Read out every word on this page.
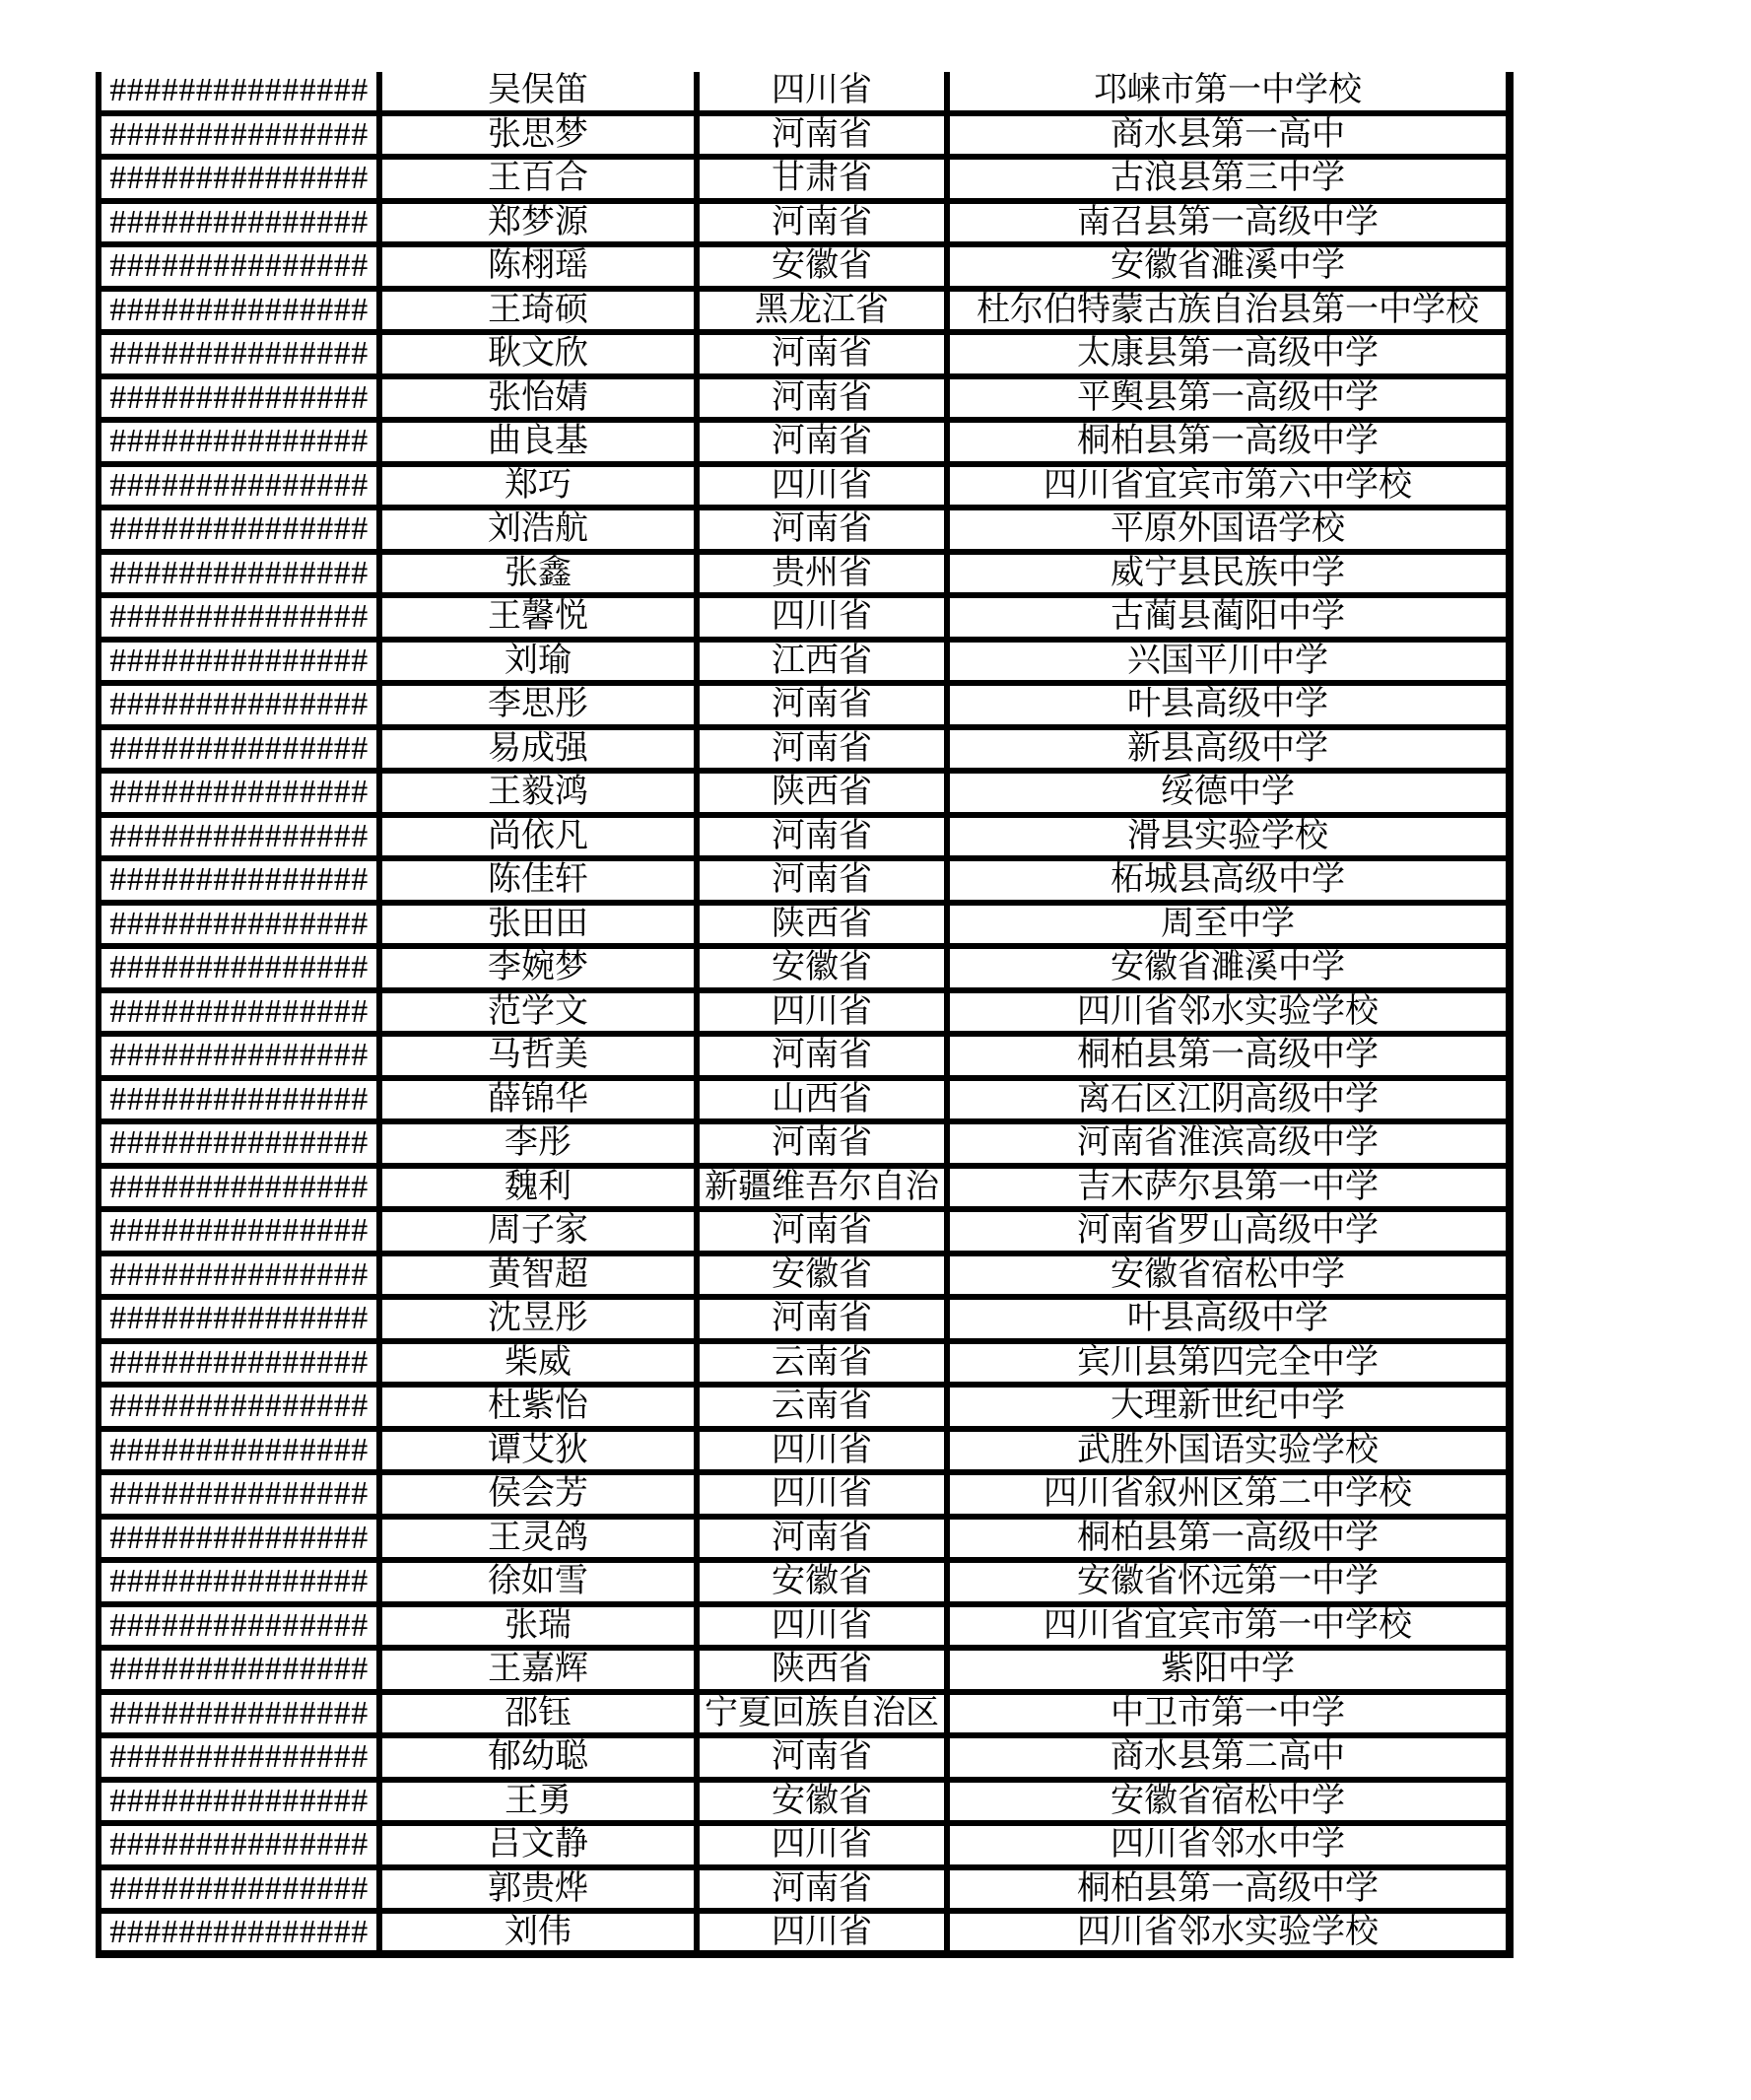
###############	吴俣笛	四川省	邛崃市第一中学校
###############	张思梦	河南省	商水县第一高中
###############	王百合	甘肃省	古浪县第三中学
###############	郑梦源	河南省	南召县第一高级中学
###############	陈栩瑶	安徽省	安徽省濉溪中学
###############	王琦硕	黑龙江省	杜尔伯特蒙古族自治县第一中学校
###############	耿文欣	河南省	太康县第一高级中学
###############	张怡婧	河南省	平舆县第一高级中学
###############	曲良基	河南省	桐柏县第一高级中学
###############	郑巧	四川省	四川省宜宾市第六中学校
###############	刘浩航	河南省	平原外国语学校
###############	张鑫	贵州省	威宁县民族中学
###############	王馨悦	四川省	古蔺县蔺阳中学
###############	刘瑜	江西省	兴国平川中学
###############	李思彤	河南省	叶县高级中学
###############	易成强	河南省	新县高级中学
###############	王毅鸿	陕西省	绥德中学
###############	尚依凡	河南省	滑县实验学校
###############	陈佳轩	河南省	柘城县高级中学
###############	张田田	陕西省	周至中学
###############	李婉梦	安徽省	安徽省濉溪中学
###############	范学文	四川省	四川省邻水实验学校
###############	马哲美	河南省	桐柏县第一高级中学
###############	薛锦华	山西省	离石区江阴高级中学
###############	李彤	河南省	河南省淮滨高级中学
###############	魏利	新疆维吾尔自治	吉木萨尔县第一中学
###############	周子家	河南省	河南省罗山高级中学
###############	黄智超	安徽省	安徽省宿松中学
###############	沈昱彤	河南省	叶县高级中学
###############	柴威	云南省	宾川县第四完全中学
###############	杜紫怡	云南省	大理新世纪中学
###############	谭艾狄	四川省	武胜外国语实验学校
###############	侯会芳	四川省	四川省叙州区第二中学校
###############	王灵鸽	河南省	桐柏县第一高级中学
###############	徐如雪	安徽省	安徽省怀远第一中学
###############	张瑞	四川省	四川省宜宾市第一中学校
###############	王嘉辉	陕西省	紫阳中学
###############	邵钰	宁夏回族自治区	中卫市第一中学
###############	郁幼聪	河南省	商水县第二高中
###############	王勇	安徽省	安徽省宿松中学
###############	吕文静	四川省	四川省邻水中学
###############	郭贵烨	河南省	桐柏县第一高级中学
###############	刘伟	四川省	四川省邻水实验学校
